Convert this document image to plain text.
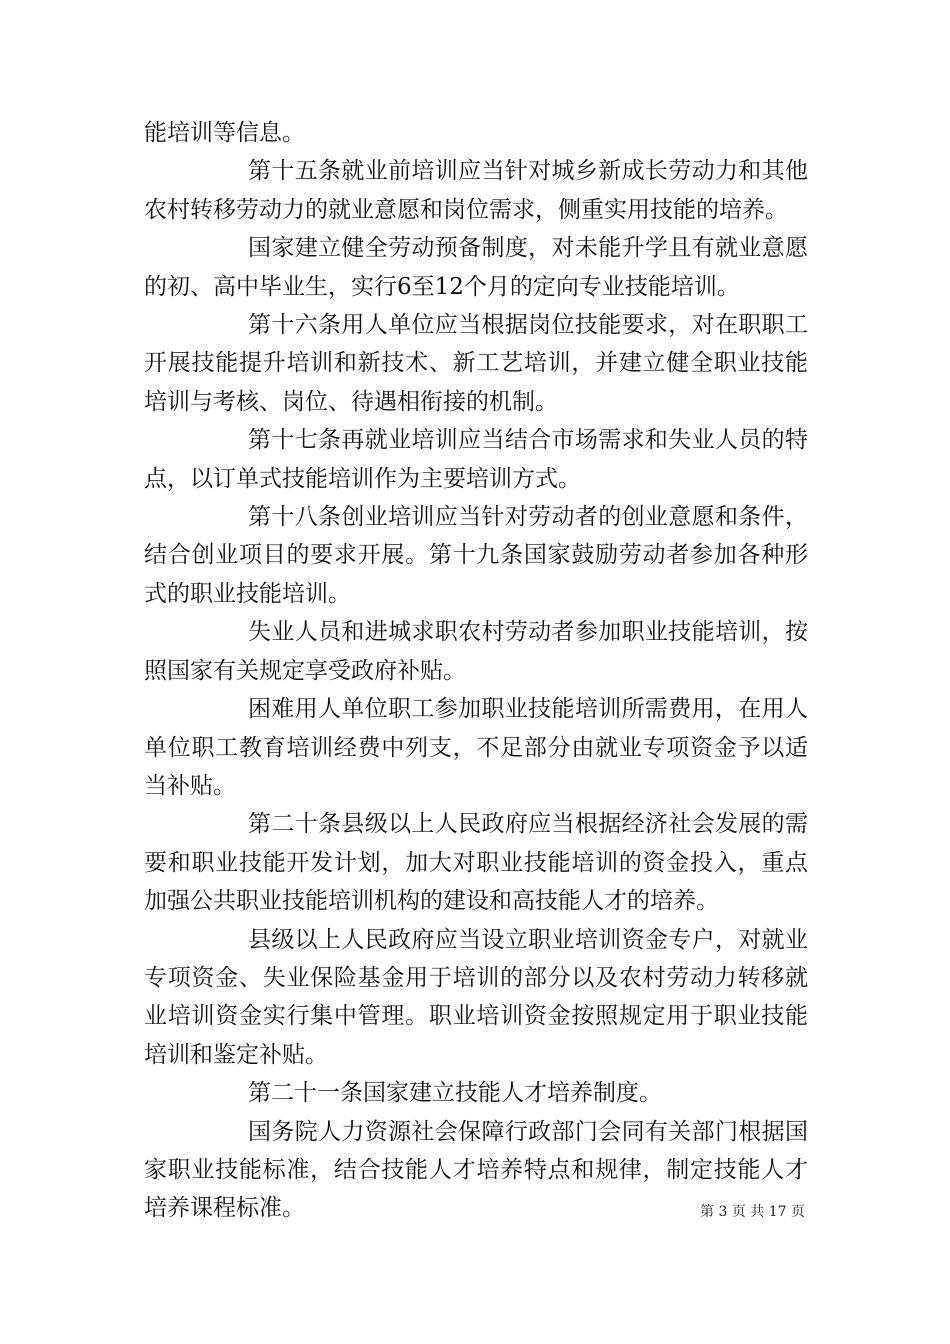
能培训等信息。

第十五条就业前培训应当针对城乡新成长劳动力和其他农村转移劳动力的就业意愿和岗位需求，侧重实用技能的培养。

国家建立健全劳动预备制度，对未能升学且有就业意愿的初、高中毕业生，实行6至12个月的定向专业技能培训。

第十六条用人单位应当根据岗位技能要求，对在职职工开展技能提升培训和新技术、新工艺培训，并建立健全职业技能培训与考核、岗位、待遇相衔接的机制。

第十七条再就业培训应当结合市场需求和失业人员的特点，以订单式技能培训作为主要培训方式。

第十八条创业培训应当针对劳动者的创业意愿和条件，结合创业项目的要求开展。第十九条国家鼓励劳动者参加各种形式的职业技能培训。

失业人员和进城求职农村劳动者参加职业技能培训，按照国家有关规定享受政府补贴。

困难用人单位职工参加职业技能培训所需费用，在用人单位职工教育培训经费中列支，不足部分由就业专项资金予以适当补贴。

第二十条县级以上人民政府应当根据经济社会发展的需要和职业技能开发计划，加大对职业技能培训的资金投入，重点加强公共职业技能培训机构的建设和高技能人才的培养。

县级以上人民政府应当设立职业培训资金专户，对就业专项资金、失业保险基金用于培训的部分以及农村劳动力转移就业培训资金实行集中管理。职业培训资金按照规定用于职业技能培训和鉴定补贴。

第二十一条国家建立技能人才培养制度。

国务院人力资源社会保障行政部门会同有关部门根据国家职业技能标准，结合技能人才培养特点和规律，制定技能人才培养课程标准。	第 3 页 共 17 页
